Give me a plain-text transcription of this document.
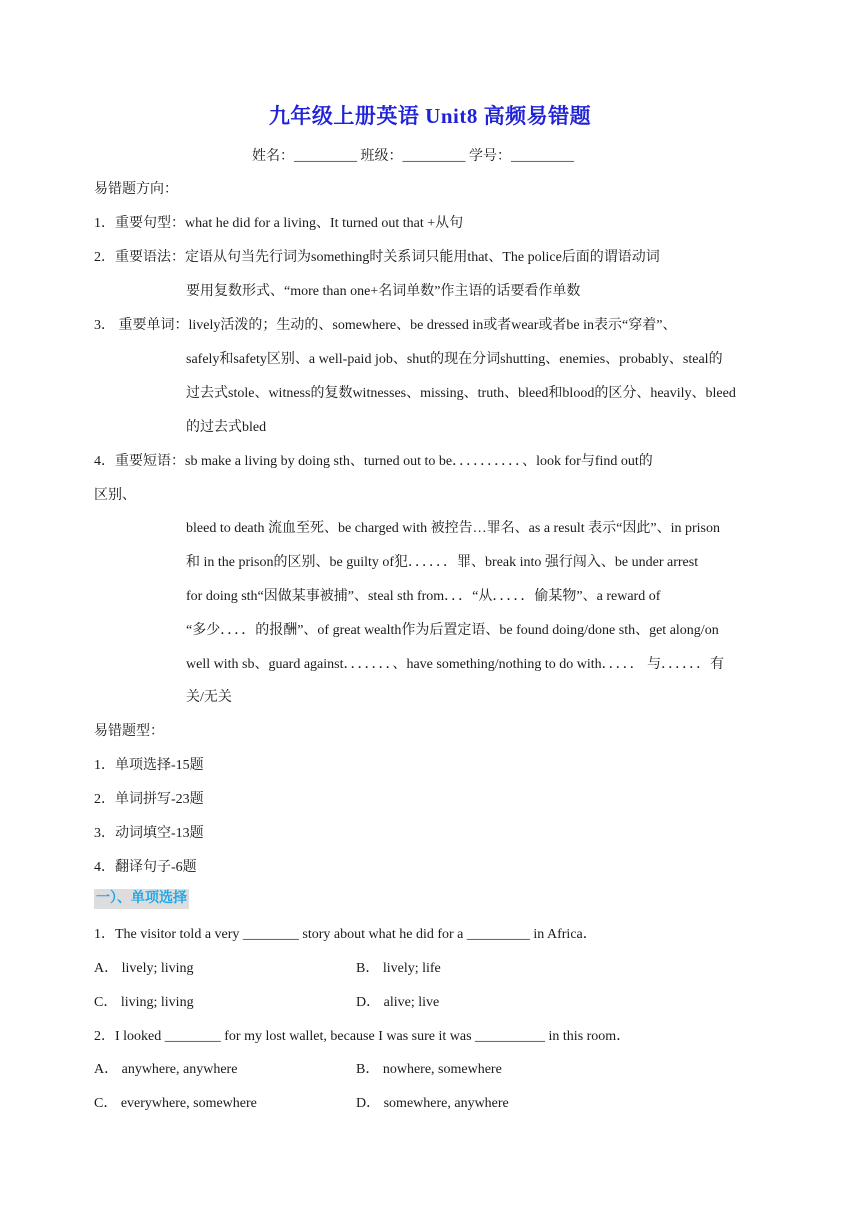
九年级上册英语 Unit8 高频易错题
姓名：_________ 班级：_________ 学号：_________
易错题方向：
1．重要句型：what he did for a living、It turned out that +从句
2．重要语法：定语从句当先行词为something时关系词只能用that、The police后面的谓语动词
要用复数形式、“more than one+名词单数”作主语的话要看作单数
3． 重要单词：lively活泼的；生动的、somewhere、be dressed in或者wear或者be in表示“穿着”、
safely和safety区别、a well-paid job、shut的现在分词shutting、enemies、probably、steal的
过去式stole、witness的复数witnesses、missing、truth、bleed和blood的区分、heavily、bleed
的过去式bled
4．重要短语：sb make a living by doing sth、turned out to be．．．．．．．．．．、look for与find out的
区别、
bleed to death 流血至死、be charged with 被控告…罪名、as a result 表示“因此”、in prison
和 in the prison的区别、be guilty of犯．．．．．．罪、break into 强行闯入、be under arrest
for doing sth“因做某事被捕”、steal sth from．．．“从．．．．．偷某物”、a reward of
“多少．．．．的报酬”、of great wealth作为后置定语、be found doing/done sth、get along/on
well with sb、guard against．．．．．．．、have something/nothing to do with．．．．． 与．．．．．．有
关/无关
易错题型：
1．单项选择-15题
2．单词拼写-23题
3．动词填空-13题
4．翻译句子-6题
一）、单项选择
1．The visitor told a very ________ story about what he did for a _________ in Africa．
A． lively; living	B． lively; life
C． living; living	D． alive; live
2．I looked ________ for my lost wallet, because I was sure it was __________ in this room．
A． anywhere, anywhere	B． nowhere, somewhere
C． everywhere, somewhere	D． somewhere, anywhere
